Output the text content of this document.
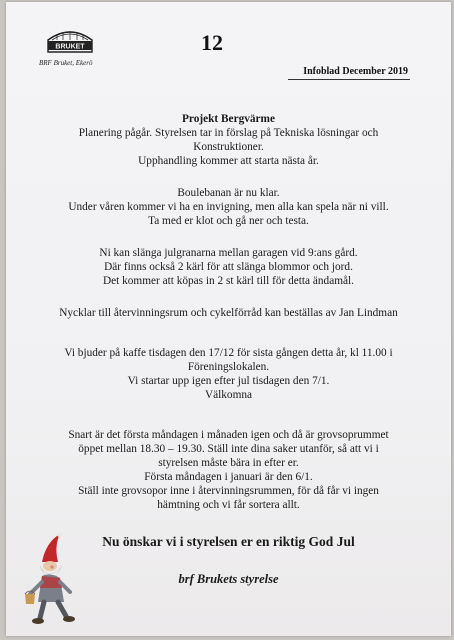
BRUKET
BRF Bruket, Ekerö
12
Infoblad December 2019
Projekt Bergvärme
Planering pågår. Styrelsen tar in förslag på Tekniska lösningar och
Konstruktioner.
Upphandling kommer att starta nästa år.
Boulebanan är nu klar.
Under våren kommer vi ha en invigning, men alla kan spela när ni vill.
Ta med er klot och gå ner och testa.
Ni kan slänga julgranarna mellan garagen vid 9:ans gård.
Där finns också 2 kärl för att slänga blommor och jord.
Det kommer att köpas in 2 st kärl till för detta ändamål.
Nycklar till återvinningsrum och cykelförråd kan beställas av Jan Lindman
Vi bjuder på kaffe tisdagen den 17/12 för sista gången detta år, kl 11.00 i
Föreningslokalen.
Vi startar upp igen efter jul tisdagen den 7/1.
Välkomna
Snart är det första måndagen i månaden igen och då är grovsoprummet
öppet mellan 18.30 – 19.30. Ställ inte dina saker utanför, så att vi i
styrelsen måste bära in efter er.
Första måndagen i januari är den 6/1.
Ställ inte grovsopor inne i återvinningsrummen, för då får vi ingen
hämtning och vi får sortera allt.
Nu önskar vi i styrelsen er en riktig God Jul
brf Brukets styrelse
